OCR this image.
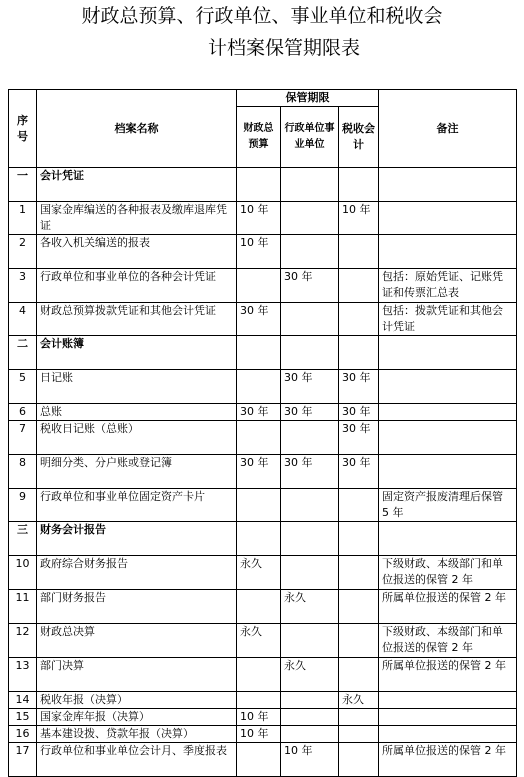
财政总预算、行政单位、事业单位和税收会
计档案保管期限表
序号	档案名称	保管期限			备注
		财政总预算	行政单位事业单位	税收会计	
一	会计凭证				
1	国家金库编送的各种报表及缴库退库凭证	10 年		10 年	
2	各收入机关编送的报表	10 年			
3	行政单位和事业单位的各种会计凭证		30 年		包括：原始凭证、记账凭证和传票汇总表
4	财政总预算拨款凭证和其他会计凭证	30 年			包括：拨款凭证和其他会计凭证
二	会计账簿				
5	日记账		30 年	30 年	
6	总账	30 年	30 年	30 年	
7	税收日记账（总账）			30 年	
8	明细分类、分户账或登记簿	30 年	30 年	30 年	
9	行政单位和事业单位固定资产卡片				固定资产报废清理后保管 5 年
三	财务会计报告				
10	政府综合财务报告	永久			下级财政、本级部门和单位报送的保管 2 年
11	部门财务报告		永久		所属单位报送的保管 2 年
12	财政总决算	永久			下级财政、本级部门和单位报送的保管 2 年
13	部门决算		永久		所属单位报送的保管 2 年
14	税收年报（决算）			永久	
15	国家金库年报（决算）	10 年			
16	基本建设拨、贷款年报（决算）	10 年			
17	行政单位和事业单位会计月、季度报表		10 年		所属单位报送的保管 2 年
